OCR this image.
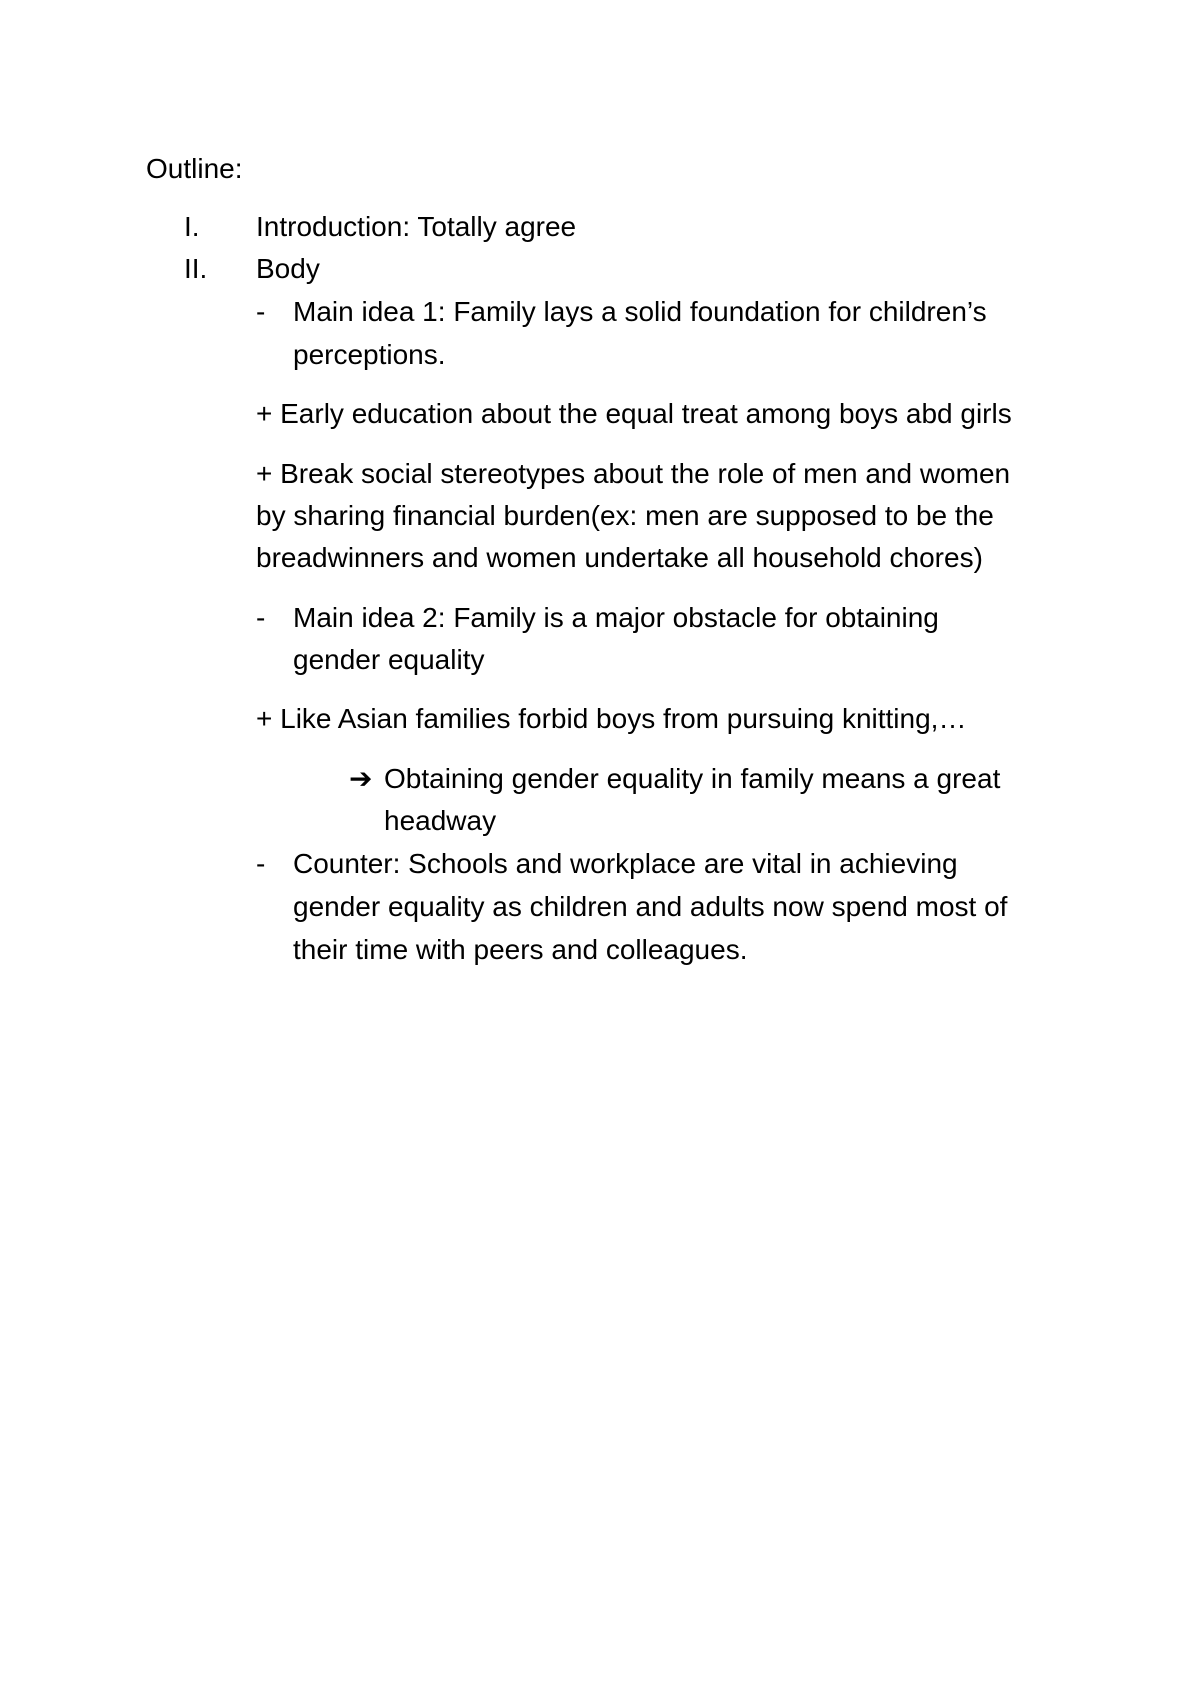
Outline:
I. Introduction: Totally agree
II. Body
- Main idea 1: Family lays a solid foundation for children’s
perceptions.
+ Early education about the equal treat among boys abd girls
+ Break social stereotypes about the role of men and women
by sharing financial burden(ex: men are supposed to be the
breadwinners and women undertake all household chores)
- Main idea 2: Family is a major obstacle for obtaining
gender equality
+ Like Asian families forbid boys from pursuing knitting,…
➔ Obtaining gender equality in family means a great
headway
- Counter: Schools and workplace are vital in achieving
gender equality as children and adults now spend most of
their time with peers and colleagues.
